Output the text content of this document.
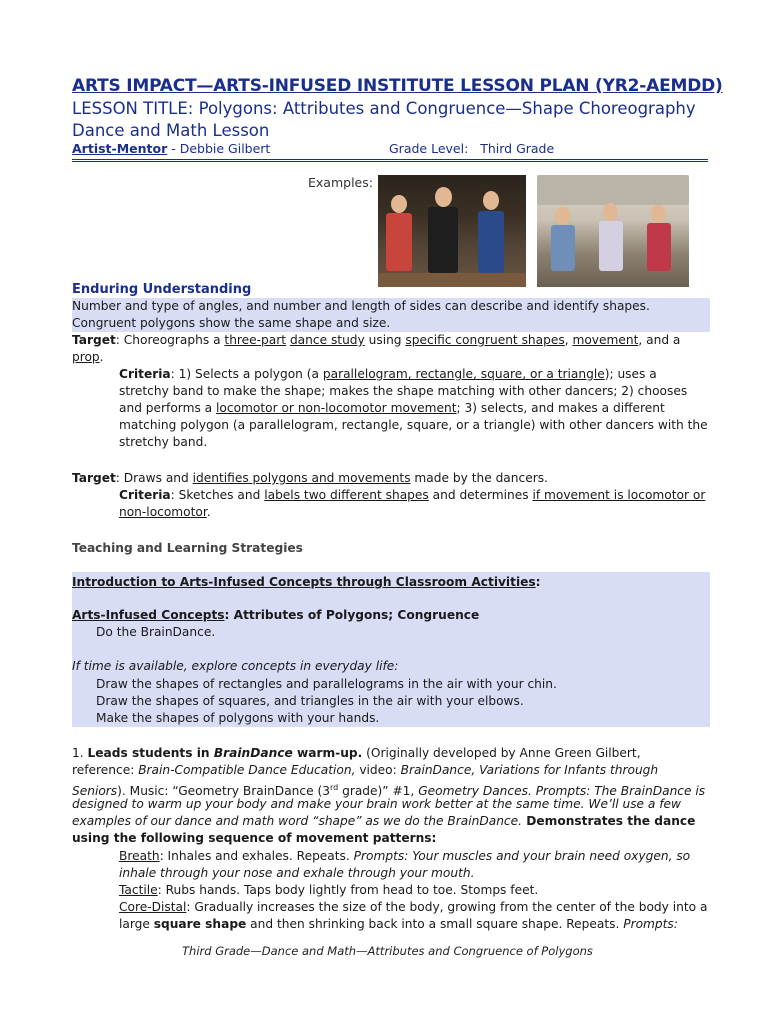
ARTS IMPACT—ARTS-INFUSED INSTITUTE LESSON PLAN (YR2-AEMDD)
LESSON TITLE: Polygons: Attributes and Congruence—Shape Choreography Dance and Math Lesson
Artist-Mentor - Debbie Gilbert	Grade Level: Third Grade
Examples:
Enduring Understanding
Number and type of angles, and number and length of sides can describe and identify shapes.
Congruent polygons show the same shape and size.
Target: Choreographs a three-part dance study using specific congruent shapes, movement, and a
prop.
Criteria: 1) Selects a polygon (a parallelogram, rectangle, square, or a triangle); uses a
stretchy band to make the shape; makes the shape matching with other dancers; 2) chooses
and performs a locomotor or non-locomotor movement; 3) selects, and makes a different
matching polygon (a parallelogram, rectangle, square, or a triangle) with other dancers with the
stretchy band.
Target: Draws and identifies polygons and movements made by the dancers.
Criteria: Sketches and labels two different shapes and determines if movement is locomotor or
non-locomotor.
Teaching and Learning Strategies
Introduction to Arts-Infused Concepts through Classroom Activities:
Arts-Infused Concepts: Attributes of Polygons; Congruence
Do the BrainDance.
If time is available, explore concepts in everyday life:
Draw the shapes of rectangles and parallelograms in the air with your chin.
Draw the shapes of squares, and triangles in the air with your elbows.
Make the shapes of polygons with your hands.
1. Leads students in BrainDance warm-up. (Originally developed by Anne Green Gilbert,
reference: Brain-Compatible Dance Education, video: BrainDance, Variations for Infants through
Seniors). Music: “Geometry BrainDance (3rd grade)” #1, Geometry Dances. Prompts: The BrainDance is
designed to warm up your body and make your brain work better at the same time. We’ll use a few
examples of our dance and math word “shape” as we do the BrainDance. Demonstrates the dance
using the following sequence of movement patterns:
Breath: Inhales and exhales. Repeats. Prompts: Your muscles and your brain need oxygen, so
inhale through your nose and exhale through your mouth.
Tactile: Rubs hands. Taps body lightly from head to toe. Stomps feet.
Core-Distal: Gradually increases the size of the body, growing from the center of the body into a
large square shape and then shrinking back into a small square shape. Repeats. Prompts:
Third Grade—Dance and Math—Attributes and Congruence of Polygons
